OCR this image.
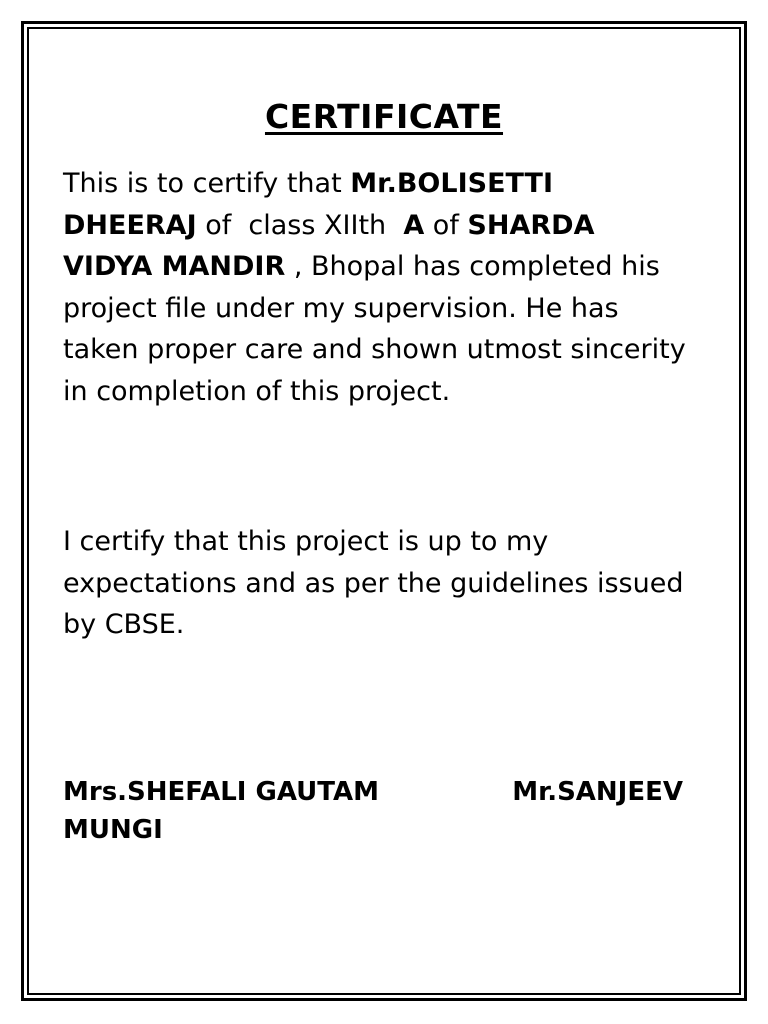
CERTIFICATE

This is to certify that Mr.BOLISETTI
DHEERAJ of  class XIIth  A of SHARDA
VIDYA MANDIR , Bhopal has completed his project file under my supervision. He has taken proper care and shown utmost sincerity in completion of this project.

I certify that this project is up to my expectations and as per the guidelines issued by CBSE.

Mrs.SHEFALI GAUTAM	Mr.SANJEEV
MUNGI
